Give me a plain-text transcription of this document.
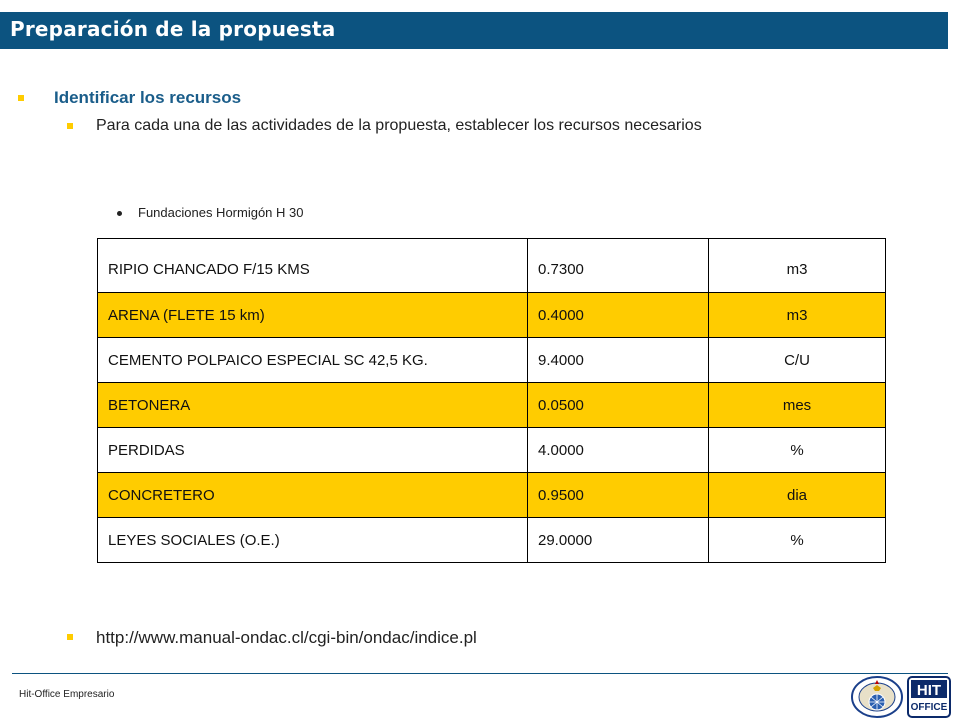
Preparación de la propuesta
Identificar los recursos
Para cada una de las actividades de la propuesta, establecer los recursos necesarios
Fundaciones Hormigón H 30
RIPIO CHANCADO F/15 KMS	0.7300	m3
ARENA (FLETE 15 km)	0.4000	m3
CEMENTO POLPAICO ESPECIAL SC 42,5 KG.	9.4000	C/U
BETONERA	0.0500	mes
PERDIDAS	4.0000	%
CONCRETERO	0.9500	dia
LEYES SOCIALES (O.E.)	29.0000	%
http://www.manual-ondac.cl/cgi-bin/ondac/indice.pl
Hit-Office Empresario	HIT
OFFICE
